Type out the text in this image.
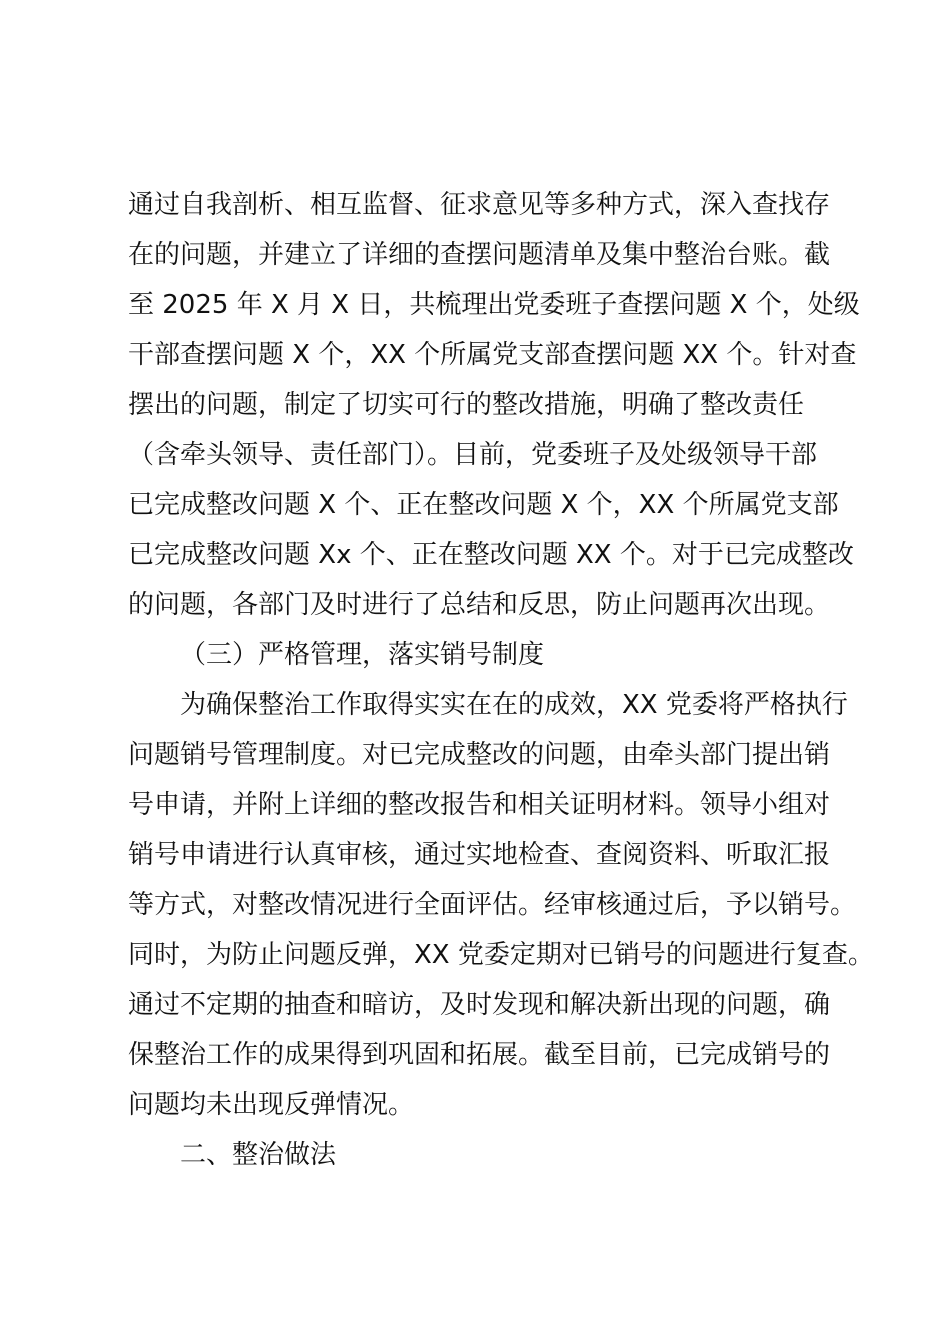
通过自我剖析、相互监督、征求意见等多种方式，深入查找存
在的问题，并建立了详细的查摆问题清单及集中整治台账。截
至 2025 年 X 月 X 日，共梳理出党委班子查摆问题 X 个，处级
干部查摆问题 X 个，XX 个所属党支部查摆问题 XX 个。针对查
摆出的问题，制定了切实可行的整改措施，明确了整改责任
（含牵头领导、责任部门）。目前，党委班子及处级领导干部
已完成整改问题 X 个、正在整改问题 X 个，XX 个所属党支部
已完成整改问题 Xx 个、正在整改问题 XX 个。对于已完成整改
的问题，各部门及时进行了总结和反思，防止问题再次出现。
（三）严格管理，落实销号制度
为确保整治工作取得实实在在的成效，XX 党委将严格执行
问题销号管理制度。对已完成整改的问题，由牵头部门提出销
号申请，并附上详细的整改报告和相关证明材料。领导小组对
销号申请进行认真审核，通过实地检查、查阅资料、听取汇报
等方式，对整改情况进行全面评估。经审核通过后，予以销号。
同时，为防止问题反弹，XX 党委定期对已销号的问题进行复查。
通过不定期的抽查和暗访，及时发现和解决新出现的问题，确
保整治工作的成果得到巩固和拓展。截至目前，已完成销号的
问题均未出现反弹情况。
二、整治做法
